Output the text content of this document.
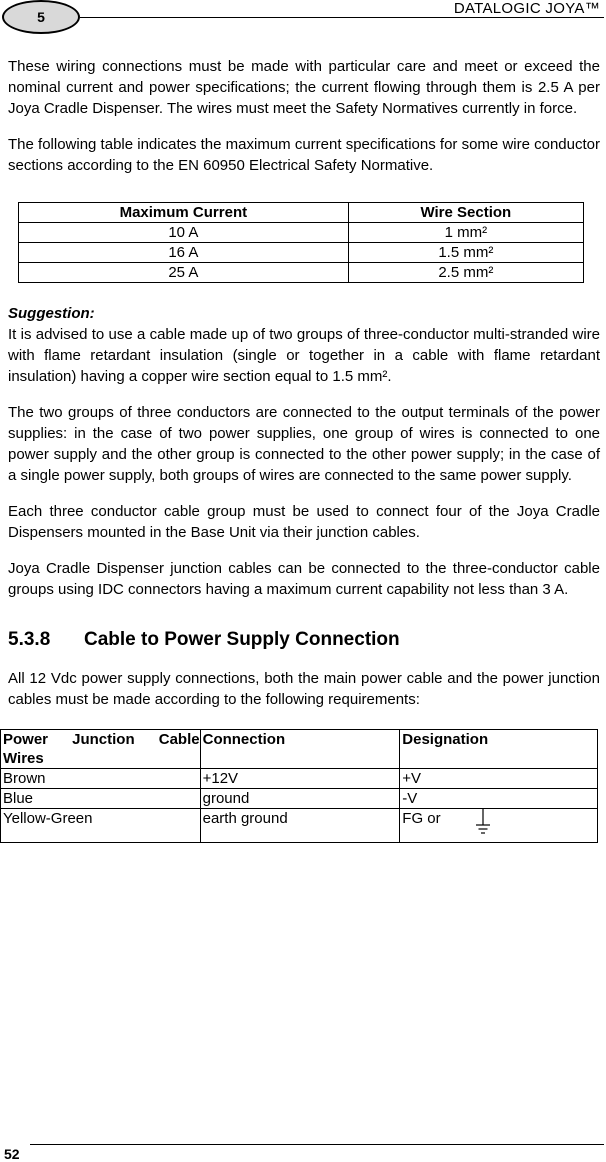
5	DATALOGIC JOYA™

These wiring connections must be made with particular care and meet or exceed the nominal current and power specifications; the current flowing through them is 2.5 A per Joya Cradle Dispenser. The wires must meet the Safety Normatives currently in force.

The following table indicates the maximum current specifications for some wire conductor sections according to the EN 60950 Electrical Safety Normative.

Maximum Current	Wire Section
10 A	1 mm²
16 A	1.5 mm²
25 A	2.5 mm²
Suggestion:

It is advised to use a cable made up of two groups of three-conductor multi-stranded wire with flame retardant insulation (single or together in a cable with flame retardant insulation) having a copper wire section equal to 1.5 mm².

The two groups of three conductors are connected to the output terminals of the power supplies: in the case of two power supplies, one group of wires is connected to one power supply and the other group is connected to the other power supply; in the case of a single power supply, both groups of wires are connected to the same power supply.

Each three conductor cable group must be used to connect four of the Joya Cradle Dispensers mounted in the Base Unit via their junction cables.

Joya Cradle Dispenser junction cables can be connected to the three-conductor cable groups using IDC connectors having a maximum current capability not less than 3 A.

5.3.8 Cable to Power Supply Connection

All 12 Vdc power supply connections, both the main power cable and the power junction cables must be made according to the following requirements:

Power Junction Cable Wires	Connection	Designation
Brown	+12V	+V
Blue	ground	-V
Yellow-Green	earth ground	FG or
52
